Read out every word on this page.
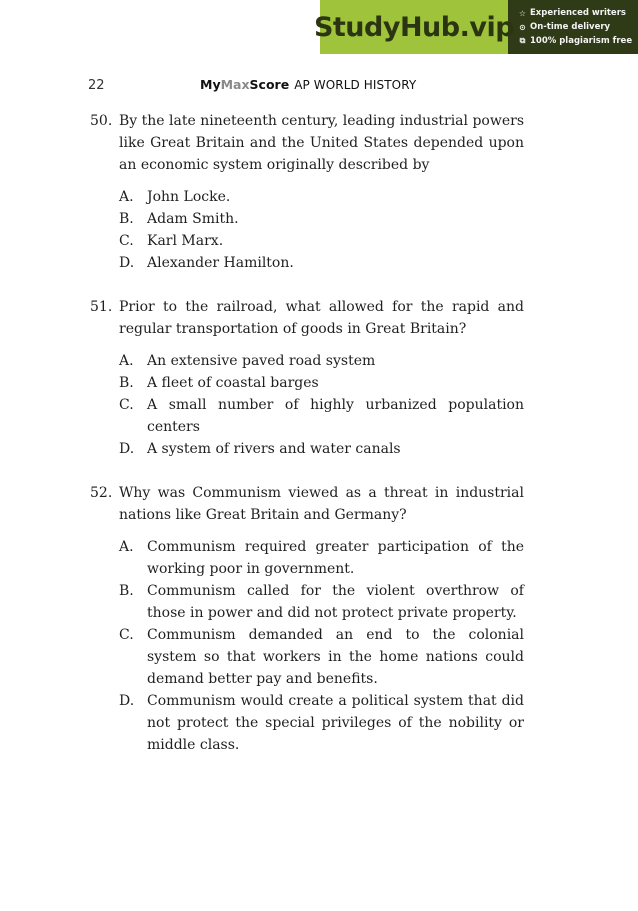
StudyHub.vip ☆ Experienced writers
⊙ On-time delivery
⧉ 100% plagiarism free
22	My Max Score AP WORLD HISTORY
50. By the late nineteenth century, leading industrial powers like Great Britain and the United States depended upon an economic system originally described by
A. John Locke.
B. Adam Smith.
C. Karl Marx.
D. Alexander Hamilton.
51. Prior to the railroad, what allowed for the rapid and regular transportation of goods in Great Britain?
A. An extensive paved road system
B. A fleet of coastal barges
C. A small number of highly urbanized population centers
D. A system of rivers and water canals
52. Why was Communism viewed as a threat in industrial nations like Great Britain and Germany?
A. Communism required greater participation of the working poor in government.
B. Communism called for the violent overthrow of those in power and did not protect private property.
C. Communism demanded an end to the colonial system so that workers in the home nations could demand better pay and benefits.
D. Communism would create a political system that did not protect the special privileges of the nobility or middle class.
